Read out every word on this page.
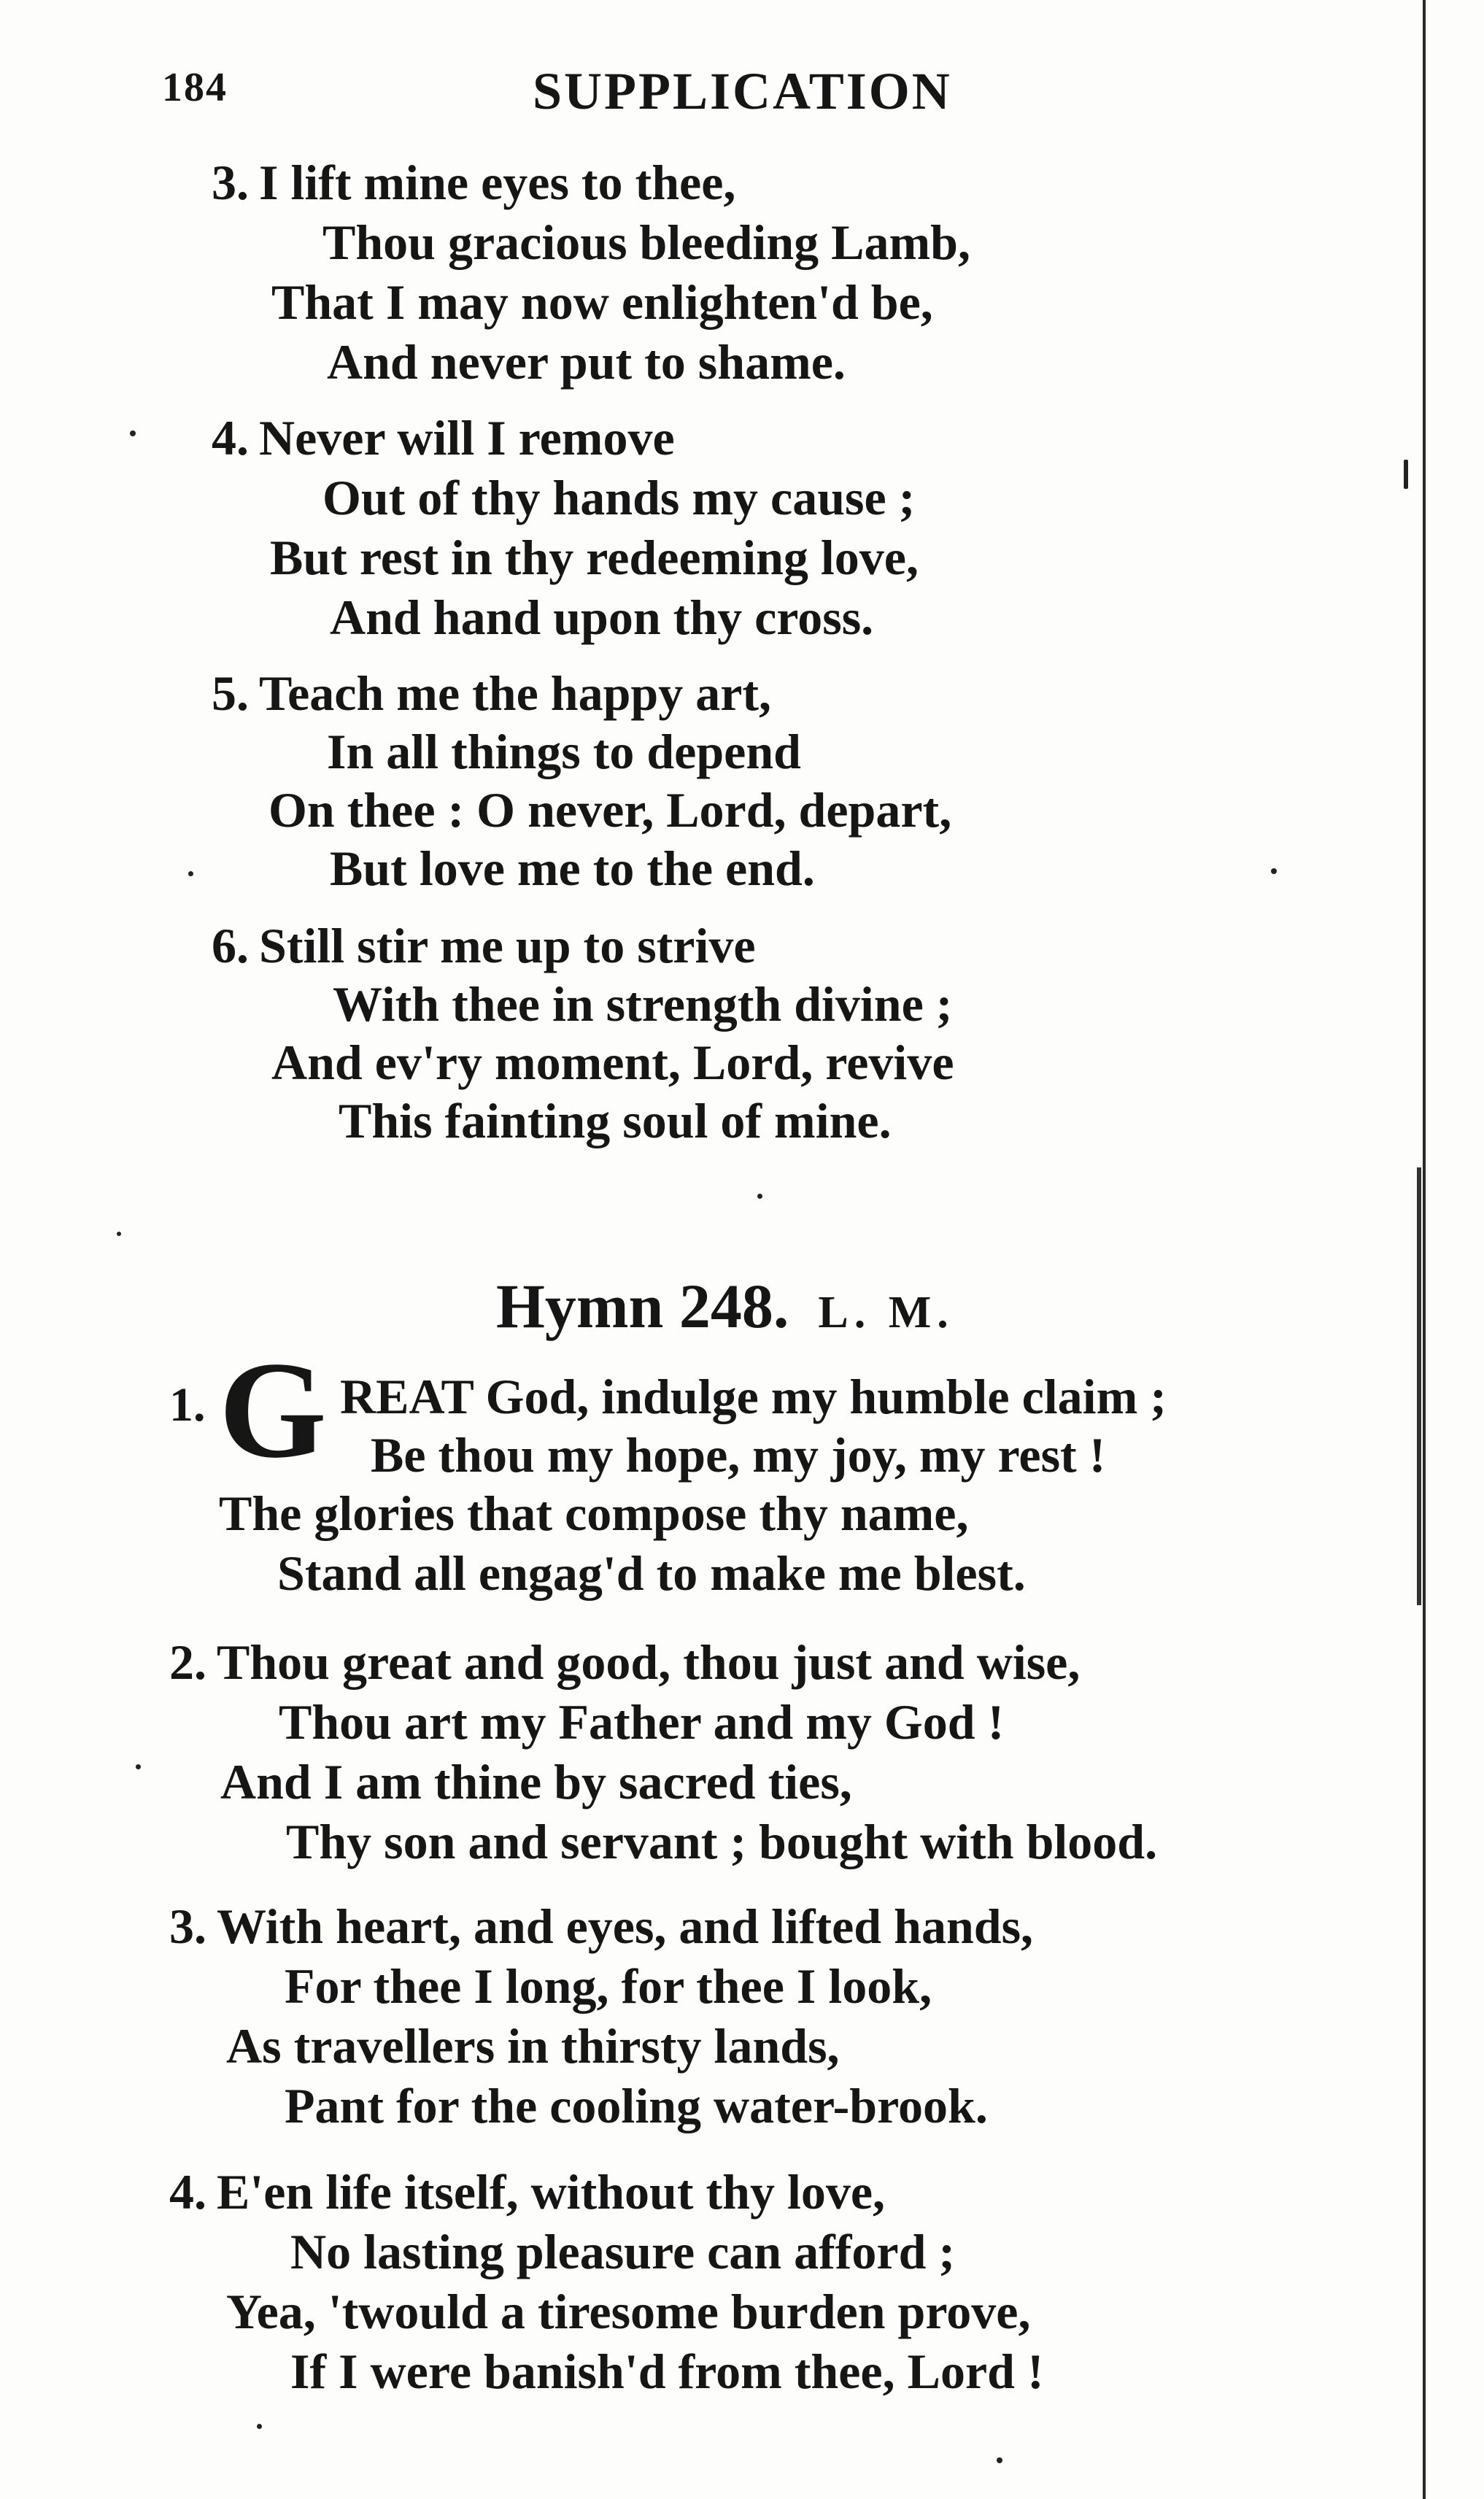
184	SUPPLICATION
3. I lift mine eyes to thee,
Thou gracious bleeding Lamb,
That I may now enlighten'd be,
And never put to shame.
4. Never will I remove
Out of thy hands my cause ;
But rest in thy redeeming love,
And hand upon thy cross.
5. Teach me the happy art,
In all things to depend
On thee : O never, Lord, depart,
But love me to the end.
6. Still stir me up to strive
With thee in strength divine ;
And ev'ry moment, Lord, revive
This fainting soul of mine.
Hymn 248. L. M.
1. G REAT God, indulge my humble claim ;
Be thou my hope, my joy, my rest !
The glories that compose thy name,
Stand all engag'd to make me blest.
2. Thou great and good, thou just and wise,
Thou art my Father and my God !
And I am thine by sacred ties,
Thy son and servant ; bought with blood.
3. With heart, and eyes, and lifted hands,
For thee I long, for thee I look,
As travellers in thirsty lands,
Pant for the cooling water-brook.
4. E'en life itself, without thy love,
No lasting pleasure can afford ;
Yea, 'twould a tiresome burden prove,
If I were banish'd from thee, Lord !
